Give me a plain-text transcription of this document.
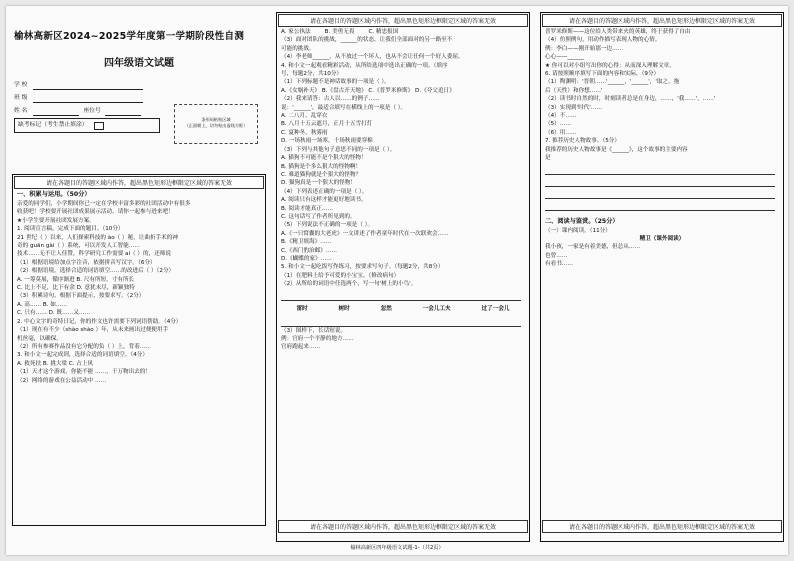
榆林高新区2024~2025学年度第一学期阶段性自测
四年级语文试题
学 校
班 级
姓 名	座位号
缺考标记（考生禁止填涂）
条形码粘贴区域
（正面朝上，切勿贴出虚线方框）
请在各题目的答题区域内作答，超出黑色矩形边框限定区域的答案无效
一、积累与运用。（50分）
亲爱的同学们，小学期间你已一定在学校丰富多彩的社团活动中有很多
收获吧！学校要开展社团成果展示活动，请你一起参与进来吧！
★小学生要开展社团发展方案。
1. 阅读宣言稿，完成下面的题目。（10分）
21 世纪（ ）以来，人们探索科技的 ào（ ）秘，让曲折手术的神
奇的 guān gài（ ）系统，可以开发人工智能……
技术……无不让人佳赞，科学研究工作需要 ai（ ）的，还师说
（1）根据语境给加点字注音，依据拼音写汉字。（6分）
（2）根据语境，选择合适的词语填空……的改进后（ ）（2分）
A. 一筹莫展，循序渐进 B. 尺有所短，寸有所长
C. 比上不足，比下有余 D. 意犹未尽，新颖独特
（3）积累诗句，根据下面提示，按要求写。（2分）
A. 高…… B. 如……
C. 只有…… D. 既……又……
2. 中心文字的奇特日记，你的作文也许需要下列词语帮助。（4分）
（1）现在有不少（shào shào ）年，从未来画出过便便用手
机丝毫，以确保。
（2）所有参赛作品没有它分配的负（ ）上，背着……
3. 和小文一起完成到，选择合适的词语填空。（4分）
A. 救死扶 B. 挑大梁 C. 占上风
（1）天才这个游戏，你能不能 ……，于万物出去的！
（2）网络的游戏在公益活动中 ……
请在各题目的答题区域内作答，超出黑色矩形边框限定区域的答案无效
A. 家公执法	B. 美勇无畏	C. 精忠报国
（3）面对团队的挑战，______的状态，让我们全部面对的另一路至不
可能的挑战。
（4）李老师______，从不放过一个坏人，也从不会让任何一个好人委屈。
4. 和小文一起观看精彩活动，从所给选项中选出正确的一项。（填序
号，每题2分，共10分）
（1）下列标题不是神话故事的一项是（ ）。
A.《女娲补天》 B.《盘古开天地》 C.《普罗米修斯》 D.《夸父追日》
（2）我来请答：古人以……的例子……
说：'______'，最适合填写在横线上的一项是（ ）。
A. 二八月，乱穿衣
B. 八月十五云遮月，正月十五雪打灯
C. 夏种冬，秋雾雨
D. 一场秋雨一场寒，十场秋雨要穿棉
（3）下列与其他句子意思不同的一项是（ ）。
A. 猫狗不可能不是个狠大的怪物！
B. 猫狗是个多么狠大的怪物啊！
C. 难道猫狗就是个狠大的怪物？
D. 猫狗真是一个狠大的怪物！
（4）下列表述正确的一项是（ ）。
A. 阅读只有这样才能更好地读书。
B. 阅读才能真正……
C. 这句话写了作者所见到的。
（5）下列说法不正确的一项是（ ）。
A.《一只窝囊的大老虎》一文讲述了作者童年时代在一次联欢会……
B.《精卫填海》……
C.《西门豹治邺》……
D.《蝴蝶的家》……
5. 和小文一起吃饭写作练习，按要求写句子。（每题2分，共8分）
（1）在肥料上给予可爱的小宝宝。（修改病句）
（2）从所给的词语中任选两个，写一句'树上的小鸟'。
雷时	树时	忽然	一会儿工夫	过了一会儿
（3）图样下，长话短说。
例：官府一个平静的地方……
官府跑起来……
请在各题目的答题区域内作答，超出黑色矩形边框限定区域的答案无效
请在各题目的答题区域内作答，超出黑色矩形边框限定区域的答案无效
普罗米修斯——这位给人类带来火的英雄，终于获得了自由
（4）仿照例句，用动作描写表现人物的心情。
例：李白——刚开始那一边……
心心——______
★ 你可以对小组写出你的心得：从而深入理解文章。
6. 请按照顺序填写下面的内容和实际。（9分）
（1）陶渊明：'晋朝……'______，'______'，'取之，拖
后（天性）和你想……'
（2）读书时自然的时，时刻读者总是在身边，……，'我……'，……'
（3）实现到'时代'……
（4）不……
（5）……
（6）用……
7. 推荐历史人物故事。（5分）
我推荐的历史人物故事是《______》，这个故事的主要内容
是
二、阅读与鉴赏。（25分）
（一）课内阅读。（11分）
精卫（课外阅读）
我小孩，一家是有着美德，但总从……
也曾……
有看书……
请在各题目的答题区域内作答，超出黑色矩形边框限定区域的答案无效
榆林高新区四年级语文试题-1-（共2页）
